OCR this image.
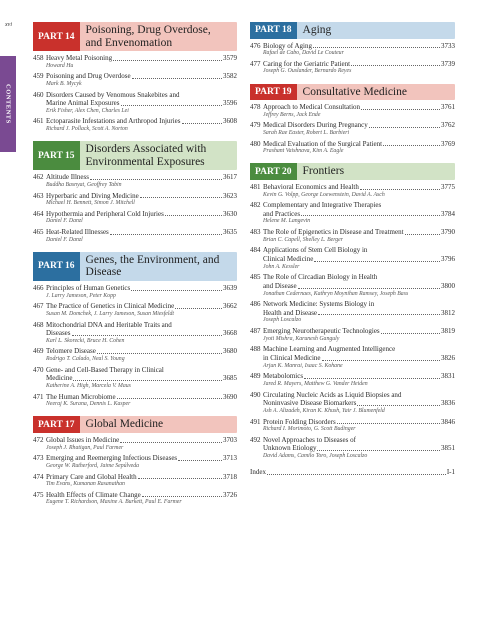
xvi
CONTENTS
PART 14
Poisoning, Drug Overdose,
and Envenomation
458 Heavy Metal Poisoning	3579
Howard Hu
459 Poisoning and Drug Overdose	3582
Mark B. Mycyk
460 Disorders Caused by Venomous Snakebites and
Marine Animal Exposures	3596
Erik Fisher, Alex Chen, Charles Lei
461 Ectoparasite Infestations and Arthropod Injuries	3608
Richard J. Pollack, Scott A. Norton
PART 15
Disorders Associated with
Environmental Exposures
462 Altitude Illness	3617
Buddha Basnyat, Geoffrey Tabin
463 Hyperbaric and Diving Medicine	3623
Michael H. Bennett, Simon J. Mitchell
464 Hypothermia and Peripheral Cold Injuries	3630
Daniel F. Danzl
465 Heat-Related Illnesses	3635
Daniel F. Danzl
PART 16
Genes, the Environment, and Disease
466 Principles of Human Genetics	3639
J. Larry Jameson, Peter Kopp
467 The Practice of Genetics in Clinical Medicine	3662
Susan M. Domchek, J. Larry Jameson, Susan Miesfeldt
468 Mitochondrial DNA and Heritable Traits and
Diseases	3668
Karl L. Skorecki, Bruce H. Cohen
469 Telomere Disease	3680
Rodrigo T. Calado, Neal S. Young
470 Gene- and Cell-Based Therapy in Clinical
Medicine	3685
Katherine A. High, Marcela V. Maus
471 The Human Microbiome	3690
Neeraj K. Surana, Dennis L. Kasper
PART 17 Global Medicine
472 Global Issues in Medicine	3703
Joseph J. Rhatigan, Paul Farmer
473 Emerging and Reemerging Infectious Diseases	3713
George W. Rutherford, Jaime Sepúlveda
474 Primary Care and Global Health	3718
Tim Evans, Kumanan Rasanathan
475 Health Effects of Climate Change	3726
Eugene T. Richardson, Maxine A. Burkett, Paul E. Farmer
PART 18 Aging
476 Biology of Aging	3733
Rafael de Cabo, David Le Couteur
477 Caring for the Geriatric Patient	3739
Joseph G. Ouslander, Bernardo Reyes
PART 19 Consultative Medicine
478 Approach to Medical Consultation	3761
Jeffrey Berns, Jack Ende
479 Medical Disorders During Pregnancy	3762
Sarah Rae Easter, Robert L. Barbieri
480 Medical Evaluation of the Surgical Patient	3769
Prashant Vaishnava, Kim A. Eagle
PART 20 Frontiers
481 Behavioral Economics and Health	3775
Kevin G. Volpp, George Loewenstein, David A. Asch
482 Complementary and Integrative Therapies
and Practices	3784
Helene M. Langevin
483 The Role of Epigenetics in Disease and Treatment	3790
Brian C. Capell, Shelley L. Berger
484 Applications of Stem Cell Biology in
Clinical Medicine	3796
John A. Kessler
485 The Role of Circadian Biology in Health
and Disease	3800
Jonathan Cedernaes, Kathryn Moynihan Ramsey, Joseph Bass
486 Network Medicine: Systems Biology in
Health and Disease	3812
Joseph Loscalzo
487 Emerging Neurotherapeutic Technologies	3819
Jyoti Mishra, Karunesh Ganguly
488 Machine Learning and Augmented Intelligence
in Clinical Medicine	3826
Arjun K. Manrai, Isaac S. Kohane
489 Metabolomics	3831
Jared R. Mayers, Matthew G. Vander Heiden
490 Circulating Nucleic Acids as Liquid Biopsies and
Noninvasive Disease Biomarkers	3836
Ash A. Alizadeh, Kiran K. Khush, Yair J. Blumenfeld
491 Protein Folding Disorders	3846
Richard I. Morimoto, G. Scott Budinger
492 Novel Approaches to Diseases of
Unknown Etiology	3851
David Adams, Camilo Toro, Joseph Loscalzo
Index	I-1
